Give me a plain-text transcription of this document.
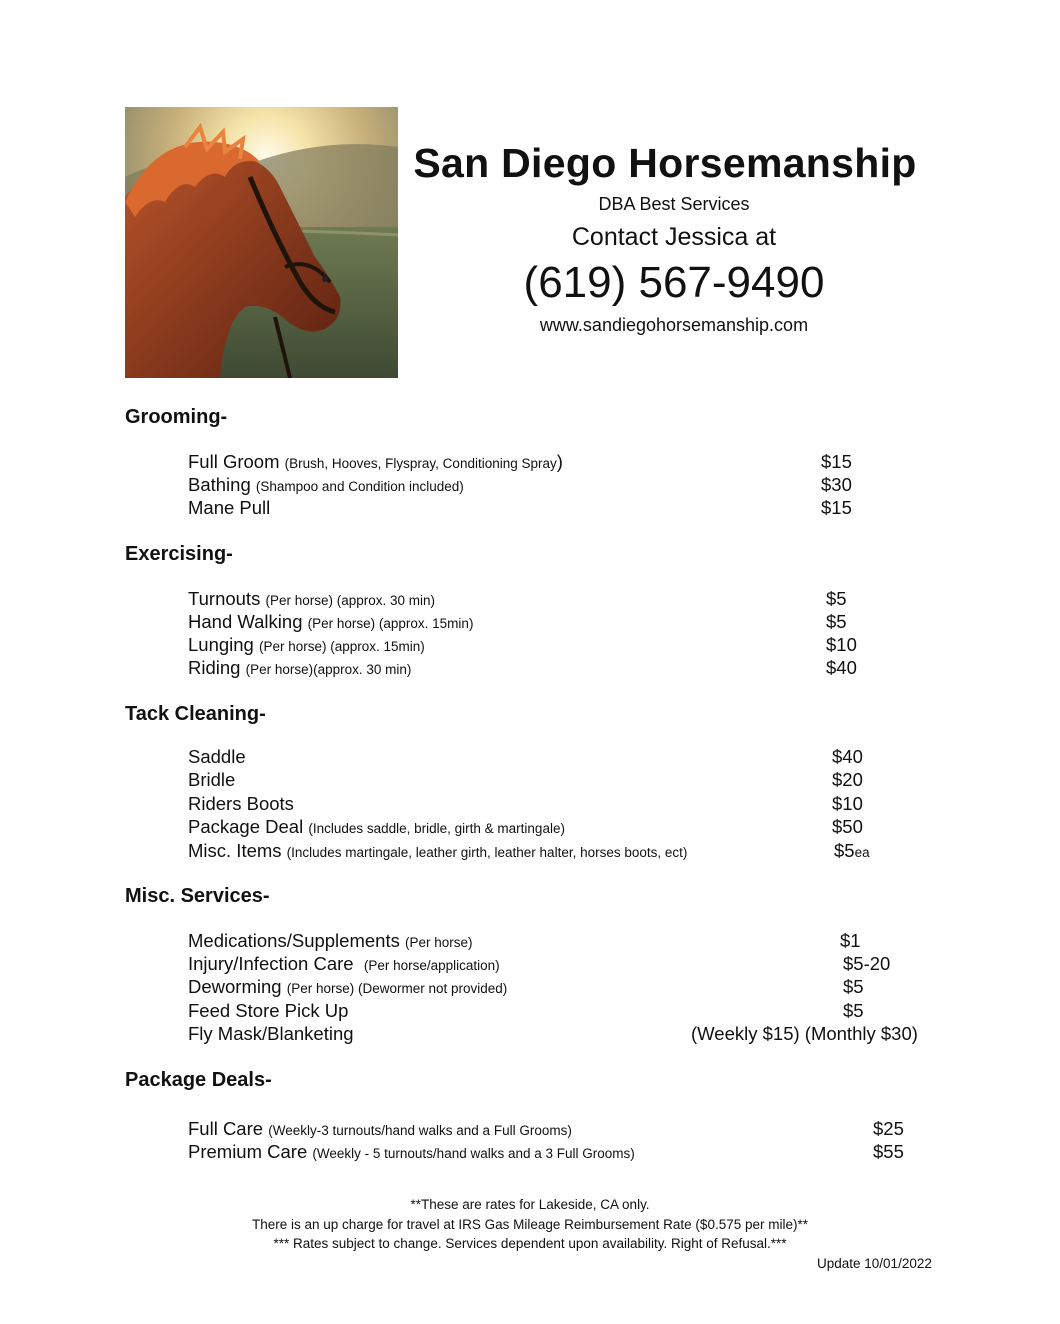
San Diego Horsemanship
DBA Best Services
Contact Jessica at
(619) 567-9490
www.sandiegohorsemanship.com
Grooming-
Full Groom (Brush, Hooves, Flyspray, Conditioning Spray)	$15
Bathing (Shampoo and Condition included)	$30
Mane Pull	$15
Exercising-
Turnouts (Per horse) (approx. 30 min)	$5
Hand Walking (Per horse) (approx. 15min)	$5
Lunging (Per horse) (approx. 15min)	$10
Riding (Per horse)(approx. 30 min)	$40
Tack Cleaning-
Saddle	$40
Bridle	$20
Riders Boots	$10
Package Deal (Includes saddle, bridle, girth & martingale)	$50
Misc. Items (Includes martingale, leather girth, leather halter, horses boots, ect)	$5ea
Misc. Services-
Medications/Supplements (Per horse)	$1
Injury/Infection Care (Per horse/application)	$5-20
Deworming (Per horse) (Dewormer not provided)	$5
Feed Store Pick Up	$5
Fly Mask/Blanketing	(Weekly $15) (Monthly $30)
Package Deals-
Full Care (Weekly-3 turnouts/hand walks and a Full Grooms)	$25
Premium Care (Weekly - 5 turnouts/hand walks and a 3 Full Grooms)	$55
**These are rates for Lakeside, CA only.
There is an up charge for travel at IRS Gas Mileage Reimbursement Rate ($0.575 per mile)**
*** Rates subject to change. Services dependent upon availability. Right of Refusal.***
Update 10/01/2022
